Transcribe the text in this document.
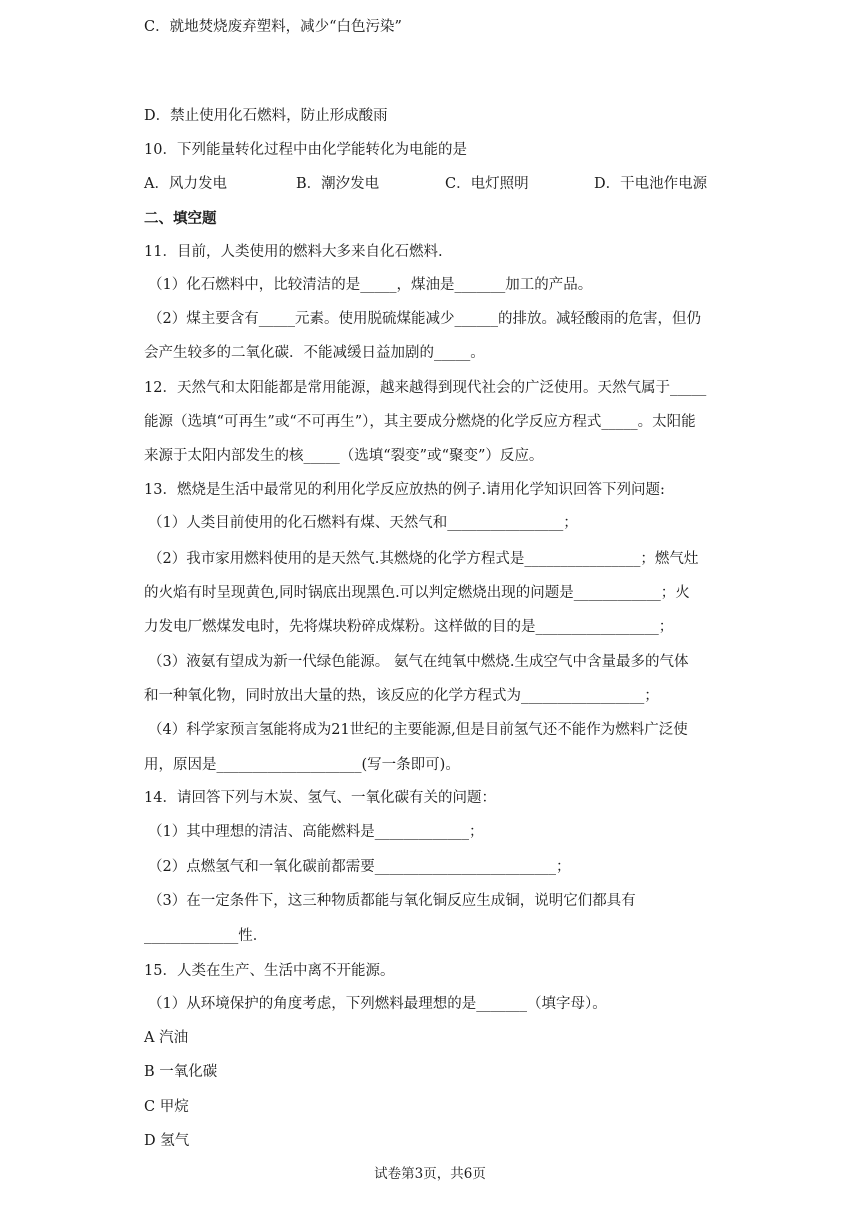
C．就地焚烧废弃塑料，减少“白色污染”
D．禁止使用化石燃料，防止形成酸雨
10．下列能量转化过程中由化学能转化为电能的是
A．风力发电	B．潮汐发电	C．电灯照明	D．干电池作电源
二、填空题
11．目前，人类使用的燃料大多来自化石燃料.
（1）化石燃料中，比较清洁的是_____，煤油是_______加工的产品。
（2）煤主要含有_____元素。使用脱硫煤能减少______的排放。减轻酸雨的危害，但仍
会产生较多的二氧化碳．不能减缓日益加剧的_____。
12．天然气和太阳能都是常用能源，越来越得到现代社会的广泛使用。天然气属于_____
能源（选填“可再生”或“不可再生”），其主要成分燃烧的化学反应方程式_____。太阳能
来源于太阳内部发生的核_____（选填“裂变”或“聚变”）反应。
13．燃烧是生活中最常见的利用化学反应放热的例子.请用化学知识回答下列问题:
（1）人类目前使用的化石燃料有煤、天然气和________________；
（2）我市家用燃料使用的是天然气.其燃烧的化学方程式是________________；燃气灶
的火焰有时呈现黄色,同时锅底出现黑色.可以判定燃烧出现的问题是____________；火
力发电厂燃煤发电时，先将煤块粉碎成煤粉。这样做的目的是_________________；
（3）液氨有望成为新一代绿色能源。 氨气在纯氧中燃烧.生成空气中含量最多的气体
和一种氧化物，同时放出大量的热，该反应的化学方程式为_________________；
（4）科学家预言氢能将成为21世纪的主要能源,但是目前氢气还不能作为燃料广泛使
用，原因是____________________(写一条即可)。
14．请回答下列与木炭、氢气、一氧化碳有关的问题：
（1）其中理想的清洁、高能燃料是_____________；
（2）点燃氢气和一氧化碳前都需要_________________________；
（3）在一定条件下，这三种物质都能与氧化铜反应生成铜，说明它们都具有
_____________性．
15．人类在生产、生活中离不开能源。
（1）从环境保护的角度考虑，下列燃料最理想的是_______（填字母）。
A 汽油
B 一氧化碳
C 甲烷
D 氢气
试卷第3页，共6页
